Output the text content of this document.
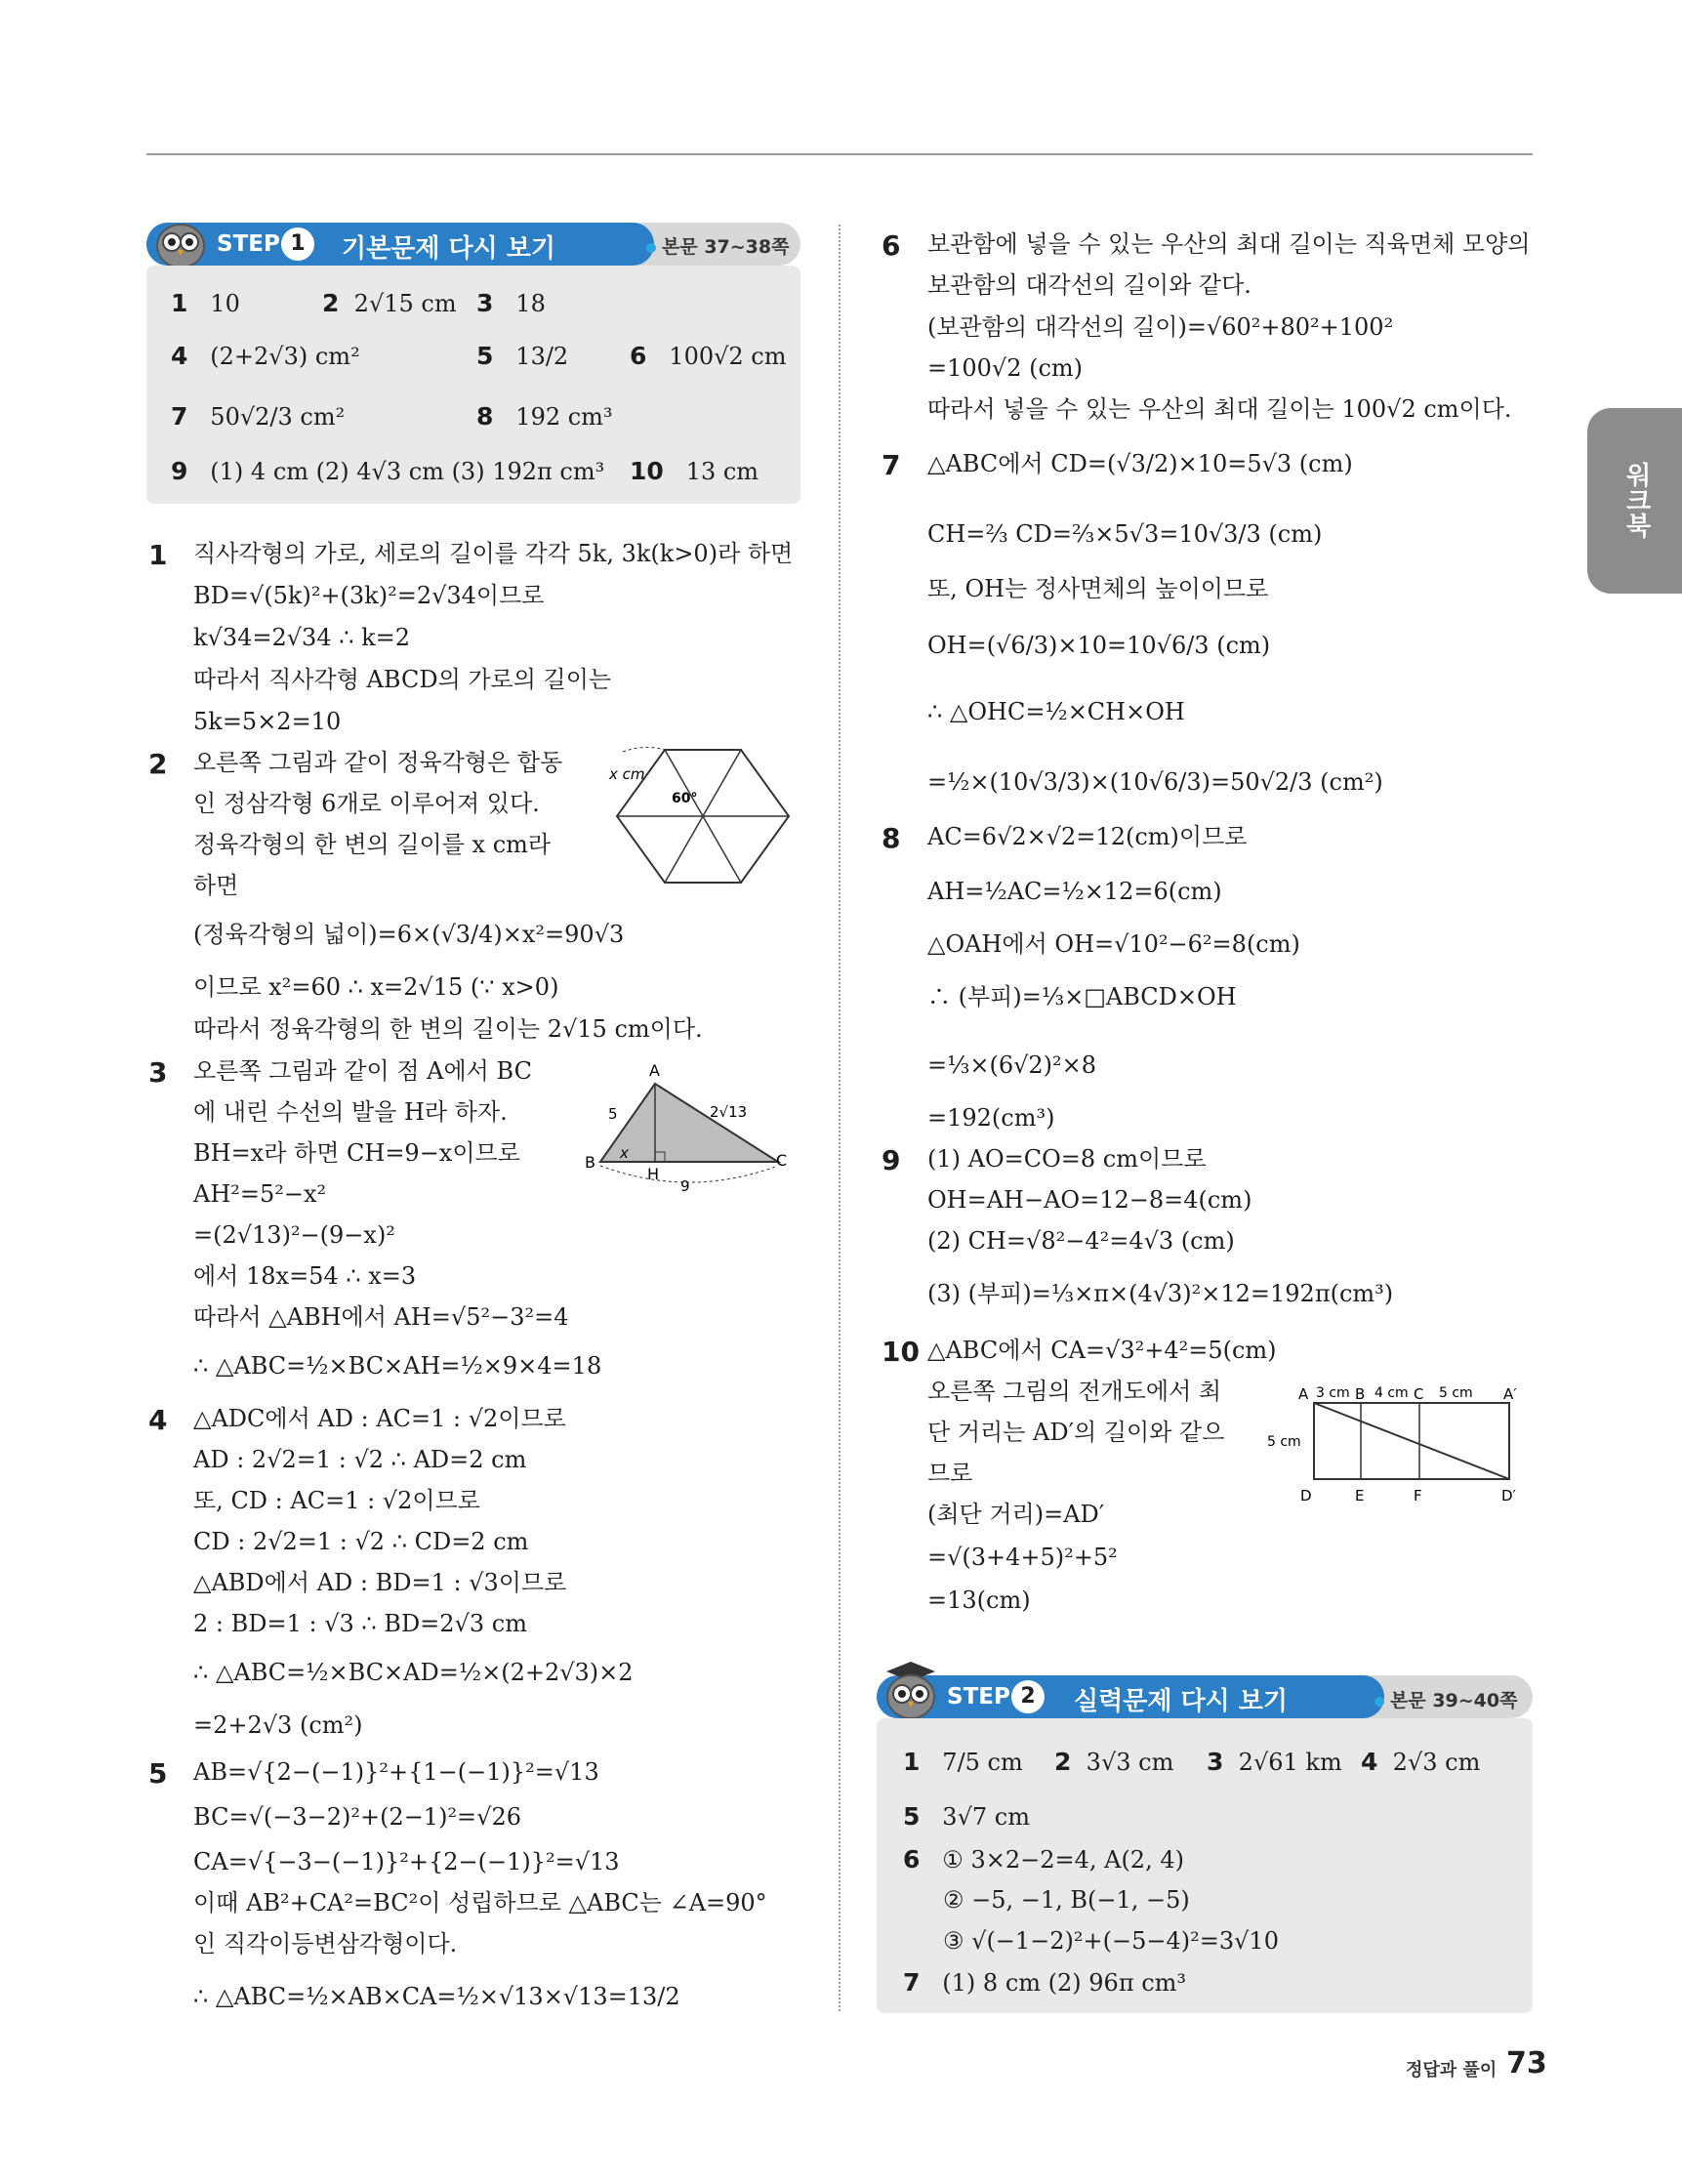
STEP 1	기본문제 다시 보기	본문 37~38쪽
1 10	2 2√15 cm 3 18
4 (2+2√3) cm²	5 13/2	6 100√2 cm
7 50√2/3 cm²	8 192 cm³
9 (1) 4 cm (2) 4√3 cm (3) 192π cm³ 10 13 cm
1 직사각형의 가로, 세로의 길이를 각각 5k, 3k(k>0)라 하면
BD=√(5k)²+(3k)²=2√34이므로
k√34=2√34 ∴ k=2
따라서 직사각형 ABCD의 가로의 길이는
5k=5×2=10
2 오른쪽 그림과 같이 정육각형은 합동
인 정삼각형 6개로 이루어져 있다.
정육각형의 한 변의 길이를 x cm라
하면
(정육각형의 넓이)=6×(√3/4)×x²=90√3
이므로 x²=60 ∴ x=2√15 (∵ x>0)
따라서 정육각형의 한 변의 길이는 2√15 cm이다.
x cm
60°
3 오른쪽 그림과 같이 점 A에서 BC
에 내린 수선의 발을 H라 하자.
BH=x라 하면 CH=9−x이므로
AH²=5²−x²
=(2√13)²−(9−x)²
에서 18x=54 ∴ x=3
따라서 △ABH에서 AH=√5²−3²=4
∴ △ABC=½×BC×AH=½×9×4=18
A
B	C
H
5	2√13
x
9
4 △ADC에서 AD : AC=1 : √2이므로
AD : 2√2=1 : √2 ∴ AD=2 cm
또, CD : AC=1 : √2이므로
CD : 2√2=1 : √2 ∴ CD=2 cm
△ABD에서 AD : BD=1 : √3이므로
2 : BD=1 : √3 ∴ BD=2√3 cm
∴ △ABC=½×BC×AD=½×(2+2√3)×2
=2+2√3 (cm²)
5 AB=√{2−(−1)}²+{1−(−1)}²=√13
BC=√(−3−2)²+(2−1)²=√26
CA=√{−3−(−1)}²+{2−(−1)}²=√13
이때 AB²+CA²=BC²이 성립하므로 △ABC는 ∠A=90°
인 직각이등변삼각형이다.
∴ △ABC=½×AB×CA=½×√13×√13=13/2
6 보관함에 넣을 수 있는 우산의 최대 길이는 직육면체 모양의
보관함의 대각선의 길이와 같다.
(보관함의 대각선의 길이)=√60²+80²+100²
=100√2 (cm)
따라서 넣을 수 있는 우산의 최대 길이는 100√2 cm이다.
7 △ABC에서 CD=(√3/2)×10=5√3 (cm)
CH=⅔ CD=⅔×5√3=10√3/3 (cm)
또, OH는 정사면체의 높이이므로
OH=(√6/3)×10=10√6/3 (cm)
∴ △OHC=½×CH×OH
=½×(10√3/3)×(10√6/3)=50√2/3 (cm²)
8 AC=6√2×√2=12(cm)이므로
AH=½AC=½×12=6(cm)
△OAH에서 OH=√10²−6²=8(cm)
∴ (부피)=⅓×□ABCD×OH
=⅓×(6√2)²×8
=192(cm³)
9 (1) AO=CO=8 cm이므로
OH=AH−AO=12−8=4(cm)
(2) CH=√8²−4²=4√3 (cm)
(3) (부피)=⅓×π×(4√3)²×12=192π(cm³)
10 △ABC에서 CA=√3²+4²=5(cm)
오른쪽 그림의 전개도에서 최
단 거리는 AD′의 길이와 같으
므로
(최단 거리)=AD′
=√(3+4+5)²+5²
=13(cm)
A 3 cm B 4 cm C 5 cm A′
D	E	F	D′
5 cm
STEP 2	실력문제 다시 보기	본문 39~40쪽
1 7/5 cm 2 3√3 cm 3 2√61 km 4 2√3 cm
5 3√7 cm
6 ① 3×2−2=4, A(2, 4)
② −5, −1, B(−1, −5)
③ √(−1−2)²+(−5−4)²=3√10
7 (1) 8 cm (2) 96π cm³
워크북
정답과 풀이 73
